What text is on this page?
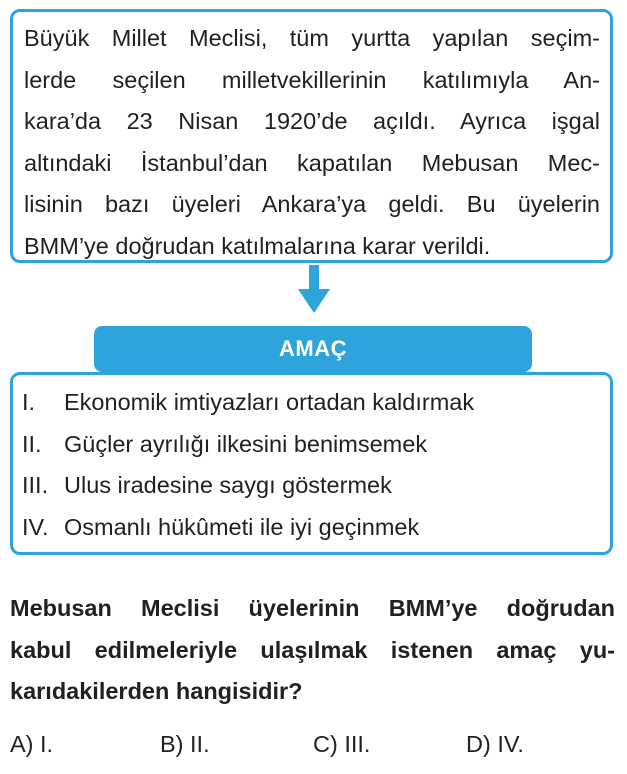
Büyük Millet Meclisi, tüm yurtta yapılan seçim-
lerde seçilen milletvekillerinin katılımıyla An-
kara’da 23 Nisan 1920’de açıldı. Ayrıca işgal
altındaki İstanbul’dan kapatılan Mebusan Mec-
lisinin bazı üyeleri Ankara’ya geldi. Bu üyelerin
BMM’ye doğrudan katılmalarına karar verildi.
AMAÇ
I.	Ekonomik imtiyazları ortadan kaldırmak
II. Güçler ayrılığı ilkesini benimsemek
III. Ulus iradesine saygı göstermek
IV. Osmanlı hükûmeti ile iyi geçinmek
Mebusan Meclisi üyelerinin BMM’ye doğrudan
kabul edilmeleriyle ulaşılmak istenen amaç yu-
karıdakilerden hangisidir?
A) I.	B) II.	C) III.	D) IV.
